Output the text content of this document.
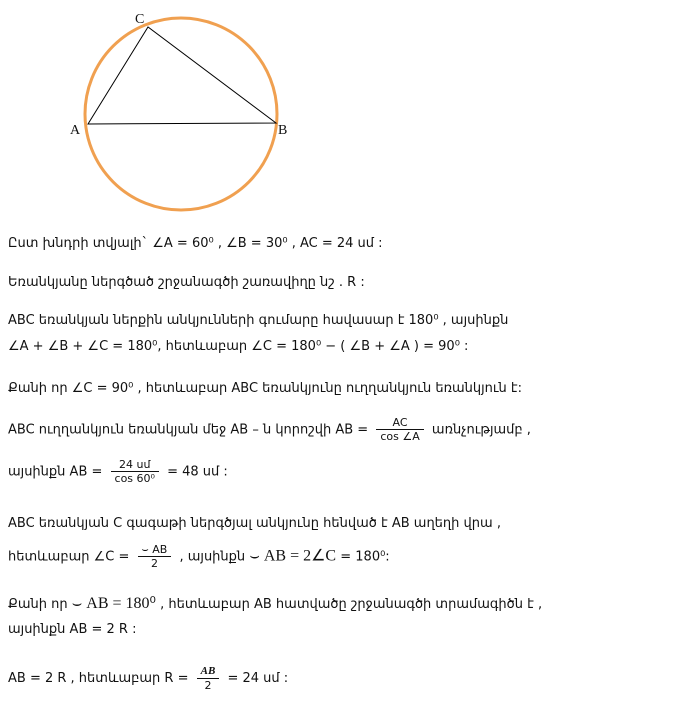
C
A	B
Ըստ խնդրի տվյալի` ∠A = 60⁰ , ∠B = 30⁰ , AC = 24 սմ :
Եռանկյանը ներգծած շրջանագծի շառավիղը նշ . R :
ABC եռանկյան ներքին անկյունների գումարը հավասար է 180⁰ , այսինքն
∠A + ∠B + ∠C = 180⁰, հետևաբար ∠C = 180⁰ − ( ∠B + ∠A ) = 90⁰ :
Քանի որ ∠C = 90⁰ , հետևաբար ABC եռանկյունը ուղղանկյուն եռանկյուն է:
ABC ուղղանկյուն եռանկյան մեջ AB – ն կորոշվի AB = $\frac{AC}{\cos \angle A}$ առնչությամբ ,
այսինքն AB = $\frac{\text{24 սմ}}{\text{cos 60⁰}} = 48$ սմ :
ABC եռանկյան C գագաթի ներգծյալ անկյունը հենված է AB աղեղի վրա ,
հետևաբար ∠C = $\frac{⌣ AB}{2}$ , այսինքն ⌣ AB = 2∠C = 180⁰:
Քանի որ ⌣ AB = 180⁰ , հետևաբար AB հատվածը շրջանագծի տրամագիծն է ,
այսինքն AB = 2 R :
AB = 2 R , հետևաբար $R = \frac{AB}{2} = 24$ սմ :
